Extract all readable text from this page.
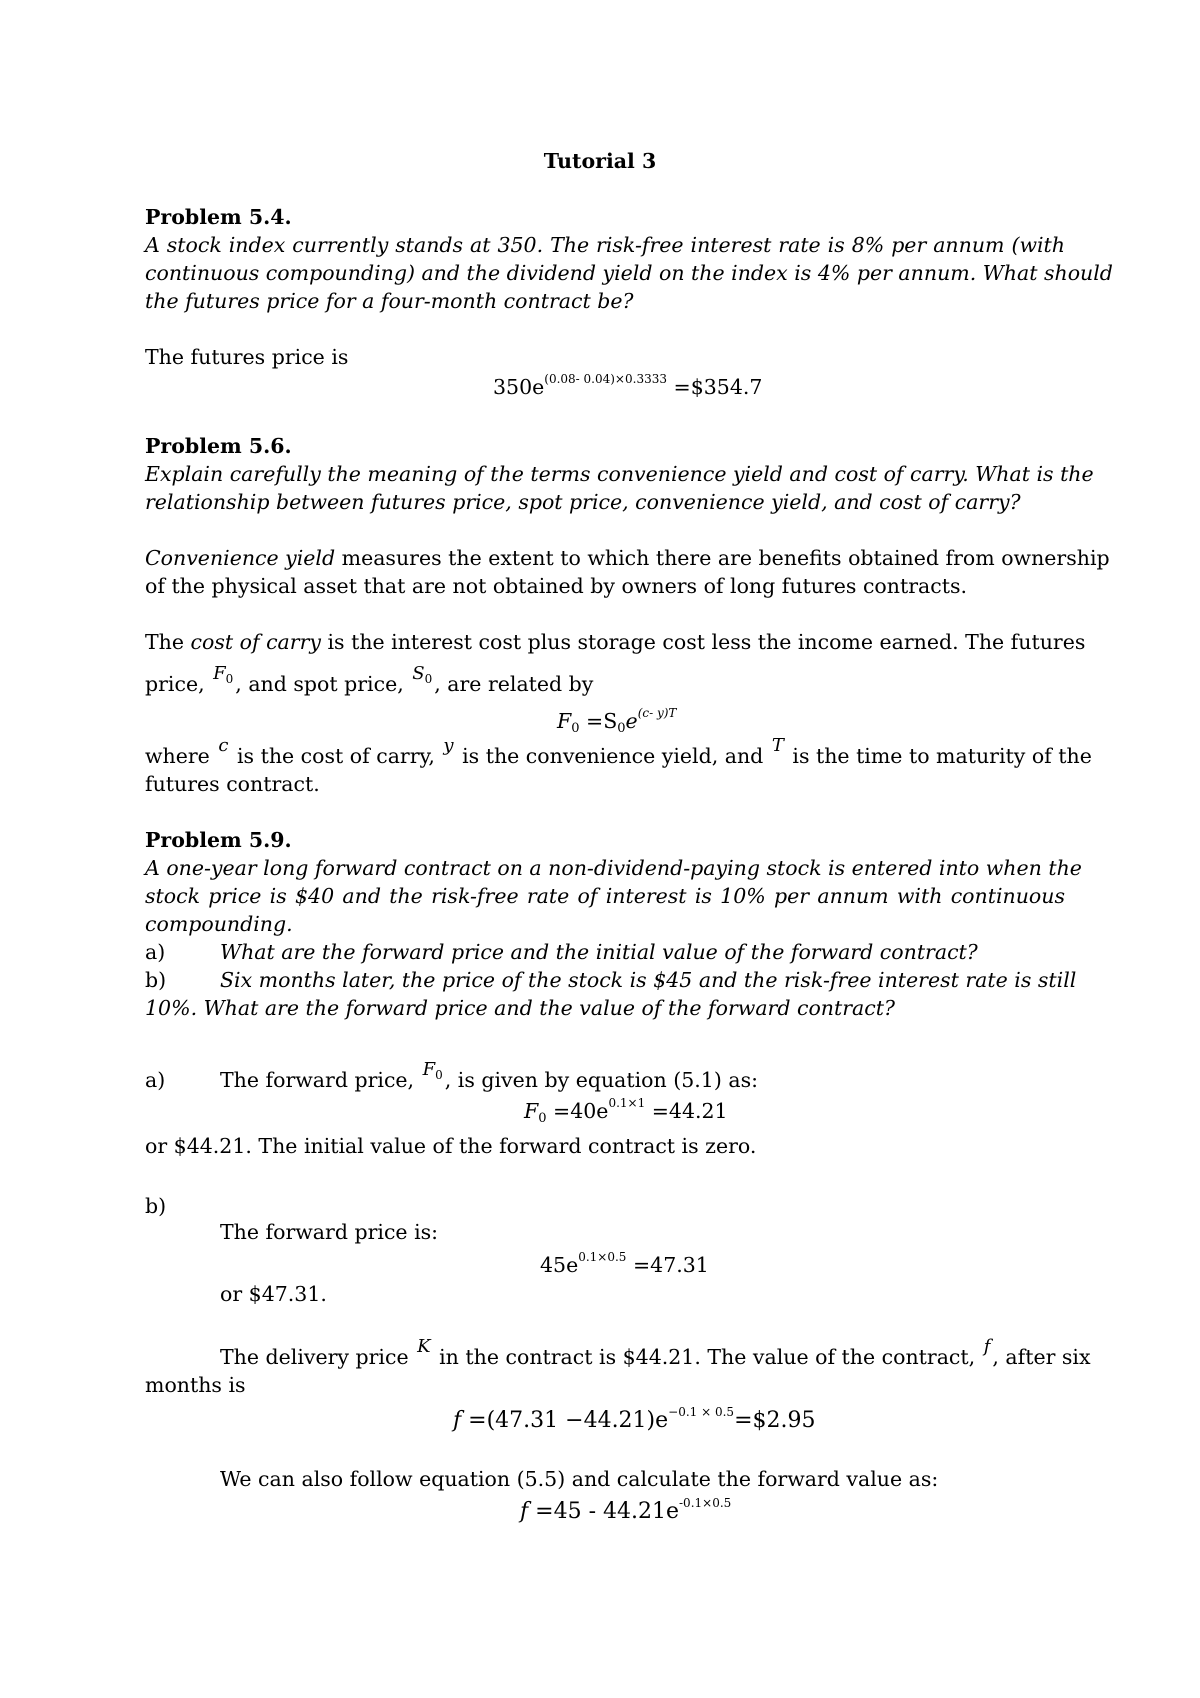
Tutorial 3
Problem 5.4.
A stock index currently stands at 350. The risk-free interest rate is 8% per annum (with
continuous compounding) and the dividend yield on the index is 4% per annum. What should
the futures price for a four-month contract be?
The futures price is
$350e^{(0.08- 0.04)\times 0.3333}$ =$354.7
Problem 5.6.
Explain carefully the meaning of the terms convenience yield and cost of carry. What is the
relationship between futures price, spot price, convenience yield, and cost of carry?
Convenience yield measures the extent to which there are benefits obtained from ownership
of the physical asset that are not obtained by owners of long futures contracts.
The cost of carry is the interest cost plus storage cost less the income earned. The futures
price, $F_0$, and spot price, $S_0$, are related by
$F_0 =S_0e^{(c- y)T}$
where c is the cost of carry, y is the convenience yield, and T is the time to maturity of the
futures contract.
Problem 5.9.
A one-year long forward contract on a non-dividend-paying stock is entered into when the
stock price is $40 and the risk-free rate of interest is 10% per annum with continuous
compounding.
a)	What are the forward price and the initial value of the forward contract?
b)	Six months later, the price of the stock is $45 and the risk-free interest rate is still
10%. What are the forward price and the value of the forward contract?
a)	The forward price, $F_0$, is given by equation (5.1) as:
$F_0 =40e^{0.1\times 1} =44.21$
or $44.21. The initial value of the forward contract is zero.
b)
The forward price is:
$45e^{0.1\times 0.5} =47.31$
or $47.31.
The delivery price K in the contract is $44.21. The value of the contract, f, after six
months is
$f =(47.31 -44.21)e^{-0.1 \times 0.5}=\$2.95$
We can also follow equation (5.5) and calculate the forward value as:
$f =45 - 44.21e^{-0.1\times 0.5}$
